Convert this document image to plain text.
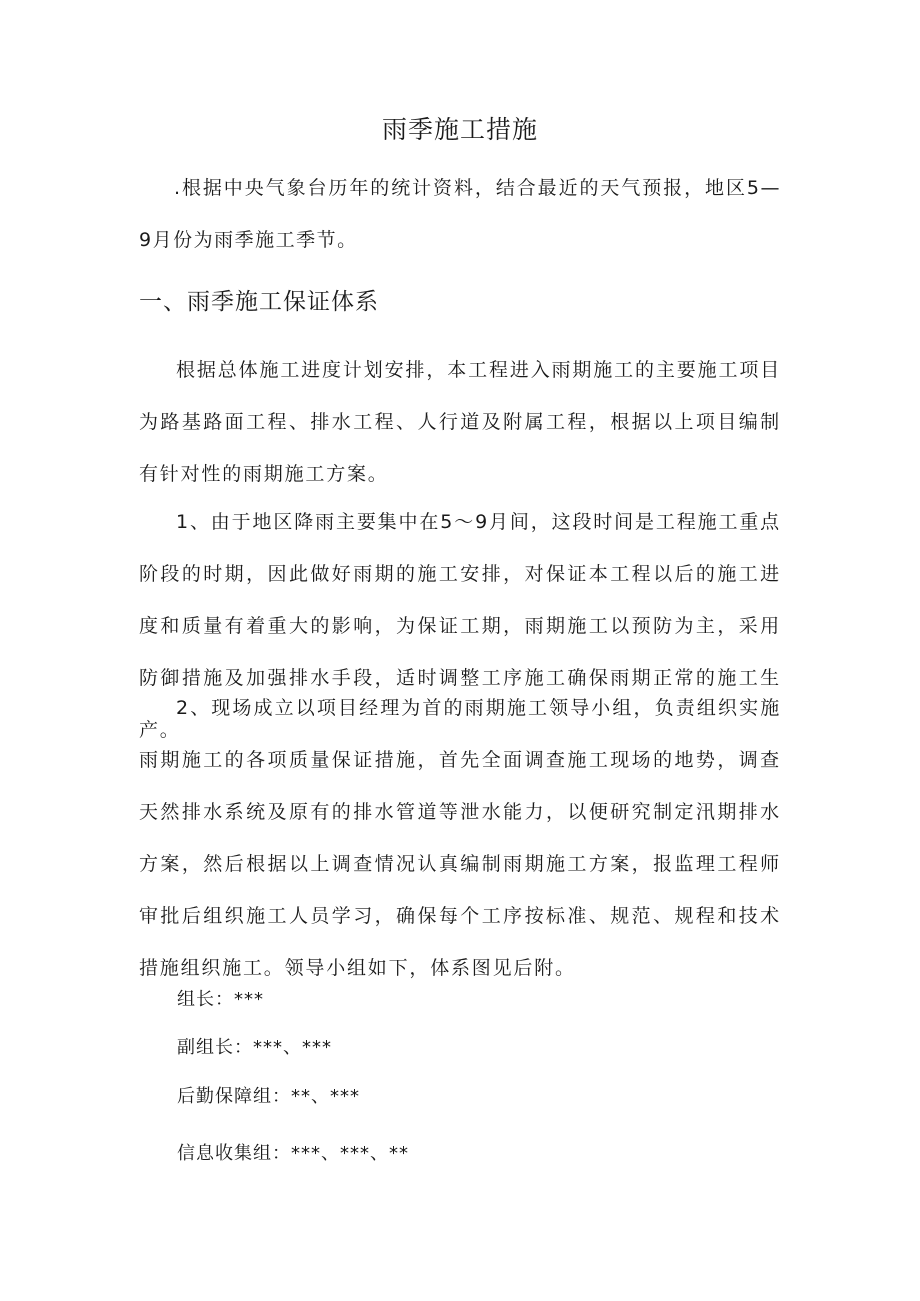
雨季施工措施

.根据中央气象台历年的统计资料，结合最近的天气预报，地区5—9月份为雨季施工季节。

一、雨季施工保证体系

根据总体施工进度计划安排，本工程进入雨期施工的主要施工项目为路基路面工程、排水工程、人行道及附属工程，根据以上项目编制有针对性的雨期施工方案。

1、由于地区降雨主要集中在5～9月间，这段时间是工程施工重点阶段的时期，因此做好雨期的施工安排，对保证本工程以后的施工进度和质量有着重大的影响，为保证工期，雨期施工以预防为主，采用防御措施及加强排水手段，适时调整工序施工确保雨期正常的施工生产。

2、现场成立以项目经理为首的雨期施工领导小组，负责组织实施雨期施工的各项质量保证措施，首先全面调查施工现场的地势，调查天然排水系统及原有的排水管道等泄水能力，以便研究制定汛期排水方案，然后根据以上调查情况认真编制雨期施工方案，报监理工程师审批后组织施工人员学习，确保每个工序按标准、规范、规程和技术措施组织施工。领导小组如下，体系图见后附。

组长：***

副组长：***、***

后勤保障组：**、***

信息收集组：***、***、**
